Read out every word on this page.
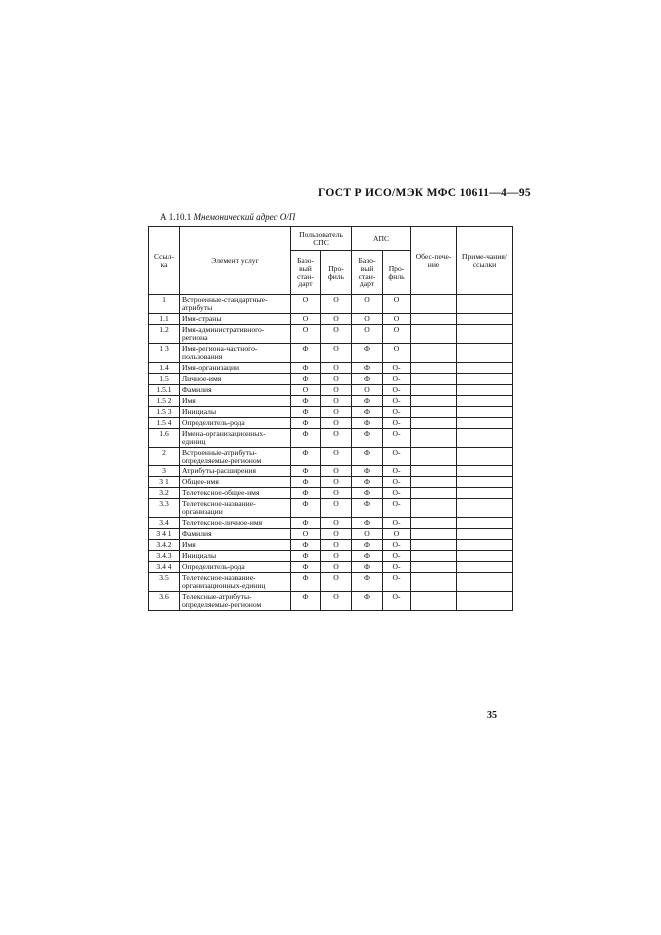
ГОСТ Р ИСО/МЭК МФС 10611—4—95
А 1.10.1 Мнемонический адрес О/П
Ссыл-ка	Элемент услуг	Пользователь СПС		АПС		Обес-пече-ние	Приме-чания/ссылки
		Базо-вый стан-дарт	Про-филь	Базо-вый стан-дарт	Про-филь		
1	Встроенные-стандартные-атрибуты	О	О	О	О		
1.1	Имя-страны	О	О	О	О		
1.2	Имя-административного-региона	О	О	О	О		
1 3	Имя-региона-частного-пользования	Ф	О	Ф	О		
1.4	Имя-организации	Ф	О	Ф	О-		
1.5	Личное-имя	Ф	О	Ф	О-		
1.5.1	Фамилия	О	О	О	О-		
1.5 2	Имя	Ф	О	Ф	О-		
1.5 3	Инициалы	Ф	О	Ф	О-		
1.5 4	Определитель-рода	Ф	О	Ф	О-		
1.6	Имена-организационных-единиц	Ф	О	Ф	О-		
2	Встроенные-атрибуты-определяемые-регионом	Ф	О	Ф	О-		
3	Атрибуты-расширения	Ф	О	Ф	О-		
3 1	Общее-имя	Ф	О	Ф	О-		
3.2	Телетексное-общее-имя	Ф	О	Ф	О-		
3.3	Телетексное-название-организации	Ф	О	Ф	О-		
3.4	Телетексное-личное-имя	Ф	О	Ф	О-		
3 4 1	Фамилия	О	О	О	О		
3.4.2	Имя	Ф	О	Ф	О-		
3.4.3	Инициалы	Ф	О	Ф	О-		
3.4 4	Определитель-рода	Ф	О	Ф	О-		
3.5	Телетексное-название-организационных-единиц	Ф	О	Ф	О-		
3.6	Телексные-атрибуты-определяемые-регионом	Ф	О	Ф	О-		
35
